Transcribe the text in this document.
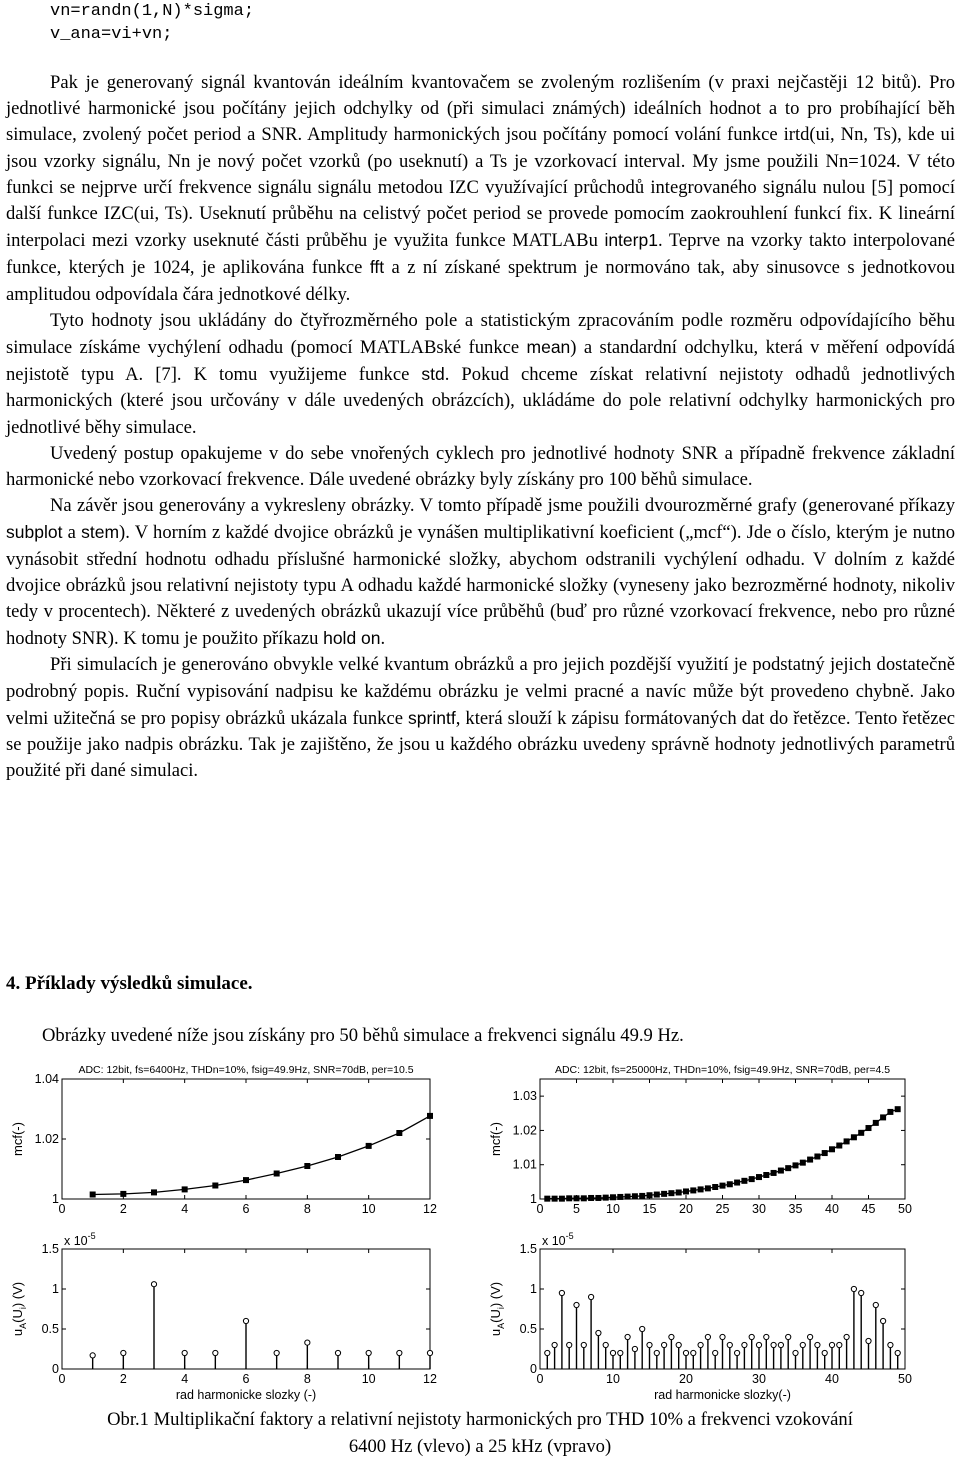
vn=randn(1,N)*sigma;
v_ana=vi+vn;

Pak je generovaný signál kvantován ideálním kvantovačem se zvoleným rozlišením (v praxi nejčastěji 12 bitů). Pro jednotlivé harmonické jsou počítány jejich odchylky od (při simulaci známých) ideálních hodnot a to pro probíhající běh simulace, zvolený počet period a SNR. Amplitudy harmonických jsou počítány pomocí volání funkce irtd(ui, Nn, Ts), kde ui jsou vzorky signálu, Nn je nový počet vzorků (po useknutí) a Ts je vzorkovací interval. My jsme použili Nn=1024. V této funkci se nejprve určí frekvence signálu signálu metodou IZC využívající průchodů integrovaného signálu nulou [5] pomocí další funkce IZC(ui, Ts). Useknutí průběhu na celistvý počet period se provede pomocím zaokrouhlení funkcí fix. K lineární interpolaci mezi vzorky useknuté části průběhu je využita funkce MATLABu interp1. Teprve na vzorky takto interpolované funkce, kterých je 1024, je aplikována funkce fft a z ní získané spektrum je normováno tak, aby sinusovce s jednotkovou amplitudou odpovídala čára jednotkové délky.

Tyto hodnoty jsou ukládány do čtyřrozměrného pole a statistickým zpracováním podle rozměru odpovídajícího běhu simulace získáme vychýlení odhadu (pomocí MATLABské funkce mean) a standardní odchylku, která v měření odpovídá nejistotě typu A. [7]. K tomu využijeme funkce std. Pokud chceme získat relativní nejistoty odhadů jednotlivých harmonických (které jsou určovány v dále uvedených obrázcích), ukládáme do pole relativní odchylky harmonických pro jednotlivé běhy simulace.

Uvedený postup opakujeme v do sebe vnořených cyklech pro jednotlivé hodnoty SNR a případně frekvence základní harmonické nebo vzorkovací frekvence. Dále uvedené obrázky byly získány pro 100 běhů simulace.

Na závěr jsou generovány a vykresleny obrázky. V tomto případě jsme použili dvourozměrné grafy (generované příkazy subplot a stem). V horním z každé dvojice obrázků je vynášen multiplikativní koeficient („mcf“). Jde o číslo, kterým je nutno vynásobit střední hodnotu odhadu příslušné harmonické složky, abychom odstranili vychýlení odhadu. V dolním z každé dvojice obrázků jsou relativní nejistoty typu A odhadu každé harmonické složky (vyneseny jako bezrozměrné hodnoty, nikoliv tedy v procentech). Některé z uvedených obrázků ukazují více průběhů (buď pro různé vzorkovací frekvence, nebo pro různé hodnoty SNR). K tomu je použito příkazu hold on.

Při simulacích je generováno obvykle velké kvantum obrázků a pro jejich pozdější využití je podstatný jejich dostatečně podrobný popis. Ruční vypisování nadpisu ke každému obrázku je velmi pracné a navíc může být provedeno chybně. Jako velmi užitečná se pro popisy obrázků ukázala funkce sprintf, která slouží k zápisu formátovaných dat do řetězce. Tento řetězec se použije jako nadpis obrázku. Tak je zajištěno, že jsou u každého obrázku uvedeny správně hodnoty jednotlivých parametrů použité při dané simulaci.

4. Příklady výsledků simulace.
Obrázky uvedené níže jsou získány pro 50 běhů simulace a frekvenci signálu 49.9 Hz.
0	2	4	6	8	10	12
1
1.02
1.04
ADC: 12bit, fs=6400Hz, THDn=10%, fsig=49.9Hz, SNR=70dB, per=10.5
mcf(-)
0	2	4	6	8	10	12
0
0.5
1
1.5
rad harmonicke slozky (-)
$u_A(U_i)$ (V)
x $10^{-5}$
0 5 10 15 20 25 30 35 40 45 50
1
1.01
1.02
1.03
ADC: 12bit, fs=25000Hz, THDn=10%, fsig=49.9Hz, SNR=70dB, per=4.5
mcf(-)
0	10	20	30	40	50
0
0.5
1
1.5
rad harmonicke slozky(-)
$u_A(U_i)$ (V)
x $10^{-5}$
Obr.1 Multiplikační faktory a relativní nejistoty harmonických pro THD 10% a frekvenci vzokování
6400 Hz (vlevo) a 25 kHz (vpravo)
